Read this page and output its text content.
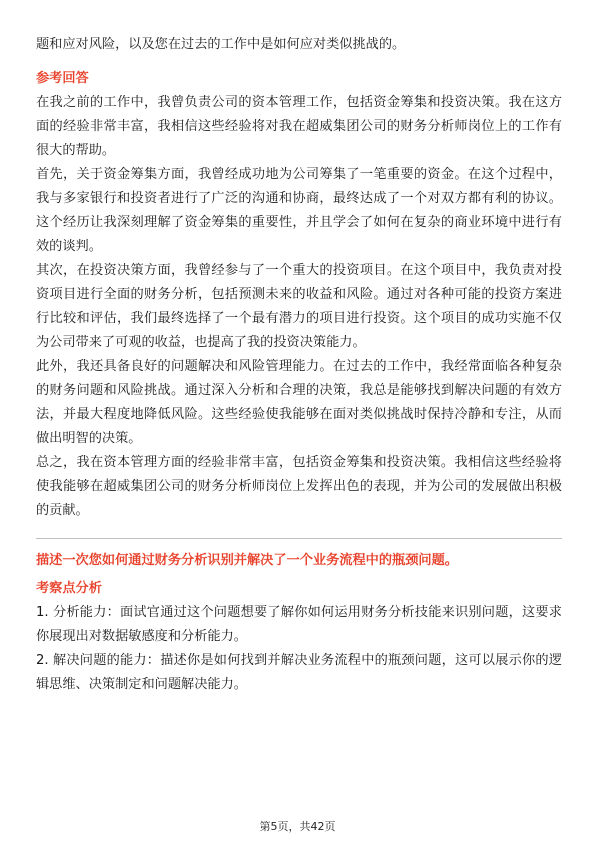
题和应对风险，以及您在过去的工作中是如何应对类似挑战的。

参考回答

在我之前的工作中，我曾负责公司的资本管理工作，包括资金筹集和投资决策。我在这方面的经验非常丰富，我相信这些经验将对我在超威集团公司的财务分析师岗位上的工作有很大的帮助。

首先，关于资金筹集方面，我曾经成功地为公司筹集了一笔重要的资金。在这个过程中，我与多家银行和投资者进行了广泛的沟通和协商，最终达成了一个对双方都有利的协议。这个经历让我深刻理解了资金筹集的重要性，并且学会了如何在复杂的商业环境中进行有效的谈判。

其次，在投资决策方面，我曾经参与了一个重大的投资项目。在这个项目中，我负责对投资项目进行全面的财务分析，包括预测未来的收益和风险。通过对各种可能的投资方案进行比较和评估，我们最终选择了一个最有潜力的项目进行投资。这个项目的成功实施不仅为公司带来了可观的收益，也提高了我的投资决策能力。

此外，我还具备良好的问题解决和风险管理能力。在过去的工作中，我经常面临各种复杂的财务问题和风险挑战。通过深入分析和合理的决策，我总是能够找到解决问题的有效方法，并最大程度地降低风险。这些经验使我能够在面对类似挑战时保持冷静和专注，从而做出明智的决策。

总之，我在资本管理方面的经验非常丰富，包括资金筹集和投资决策。我相信这些经验将使我能够在超威集团公司的财务分析师岗位上发挥出色的表现，并为公司的发展做出积极的贡献。

描述一次您如何通过财务分析识别并解决了一个业务流程中的瓶颈问题。

考察点分析

1. 分析能力：面试官通过这个问题想要了解你如何运用财务分析技能来识别问题，这要求你展现出对数据敏感度和分析能力。

2. 解决问题的能力：描述你是如何找到并解决业务流程中的瓶颈问题，这可以展示你的逻辑思维、决策制定和问题解决能力。

第5页，共42页
